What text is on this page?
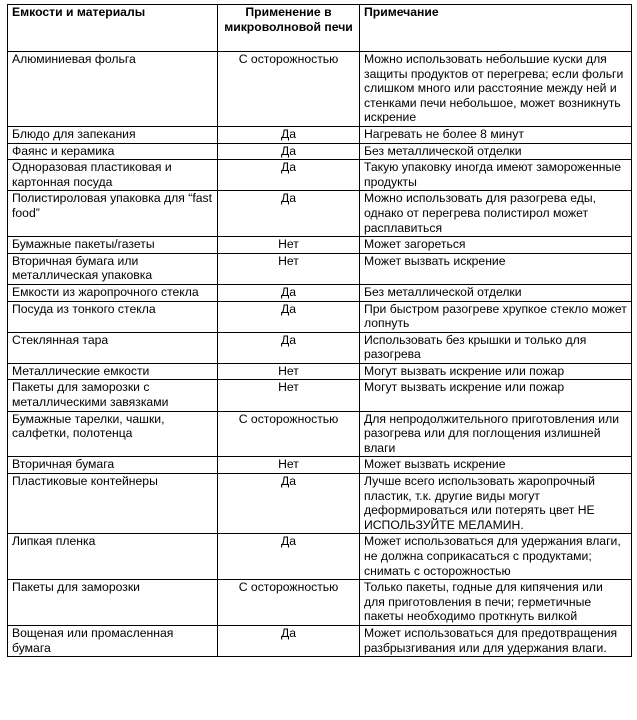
Емкости и материалы	Применение в микроволновой печи	Примечание
Алюминиевая фольга	С осторожностью	Можно использовать небольшие куски для защиты продуктов от перегрева; если фольги слишком много или расстояние между ней и стенками печи небольшое, может возникнуть искрение
Блюдо для запекания	Да	Нагревать не более 8 минут
Фаянс и керамика	Да	Без металлической отделки
Одноразовая пластиковая и картонная посуда	Да	Такую упаковку иногда имеют замороженные продукты
Полистироловая упаковка для “fast food”	Да	Можно использовать для разогрева еды, однако от перегрева полистирол может расплавиться
Бумажные пакеты/газеты	Нет	Может загореться
Вторичная бумага или металлическая упаковка	Нет	Может вызвать искрение
Емкости из жаропрочного стекла	Да	Без металлической отделки
Посуда из тонкого стекла	Да	При быстром разогреве хрупкое стекло может лопнуть
Стеклянная тара	Да	Использовать без крышки и только для разогрева
Металлические емкости	Нет	Могут вызвать искрение или пожар
Пакеты для заморозки с металлическими завязками	Нет	Могут вызвать искрение или пожар
Бумажные тарелки, чашки, салфетки, полотенца	С осторожностью	Для непродолжительного приготовления или разогрева или для поглощения излишней влаги
Вторичная бумага	Нет	Может вызвать искрение
Пластиковые контейнеры	Да	Лучше всего использовать жаропрочный пластик, т.к. другие виды могут деформироваться или потерять цвет НЕ ИСПОЛЬЗУЙТЕ МЕЛАМИН.
Липкая пленка	Да	Может использоваться для удержания влаги, не должна соприкасаться с продуктами; снимать с осторожностью
Пакеты для заморозки	С осторожностью	Только пакеты, годные для кипячения или для приготовления в печи; герметичные пакеты необходимо проткнуть вилкой
Вощеная или промасленная бумага	Да	Может использоваться для предотвращения разбрызгивания или для удержания влаги.
